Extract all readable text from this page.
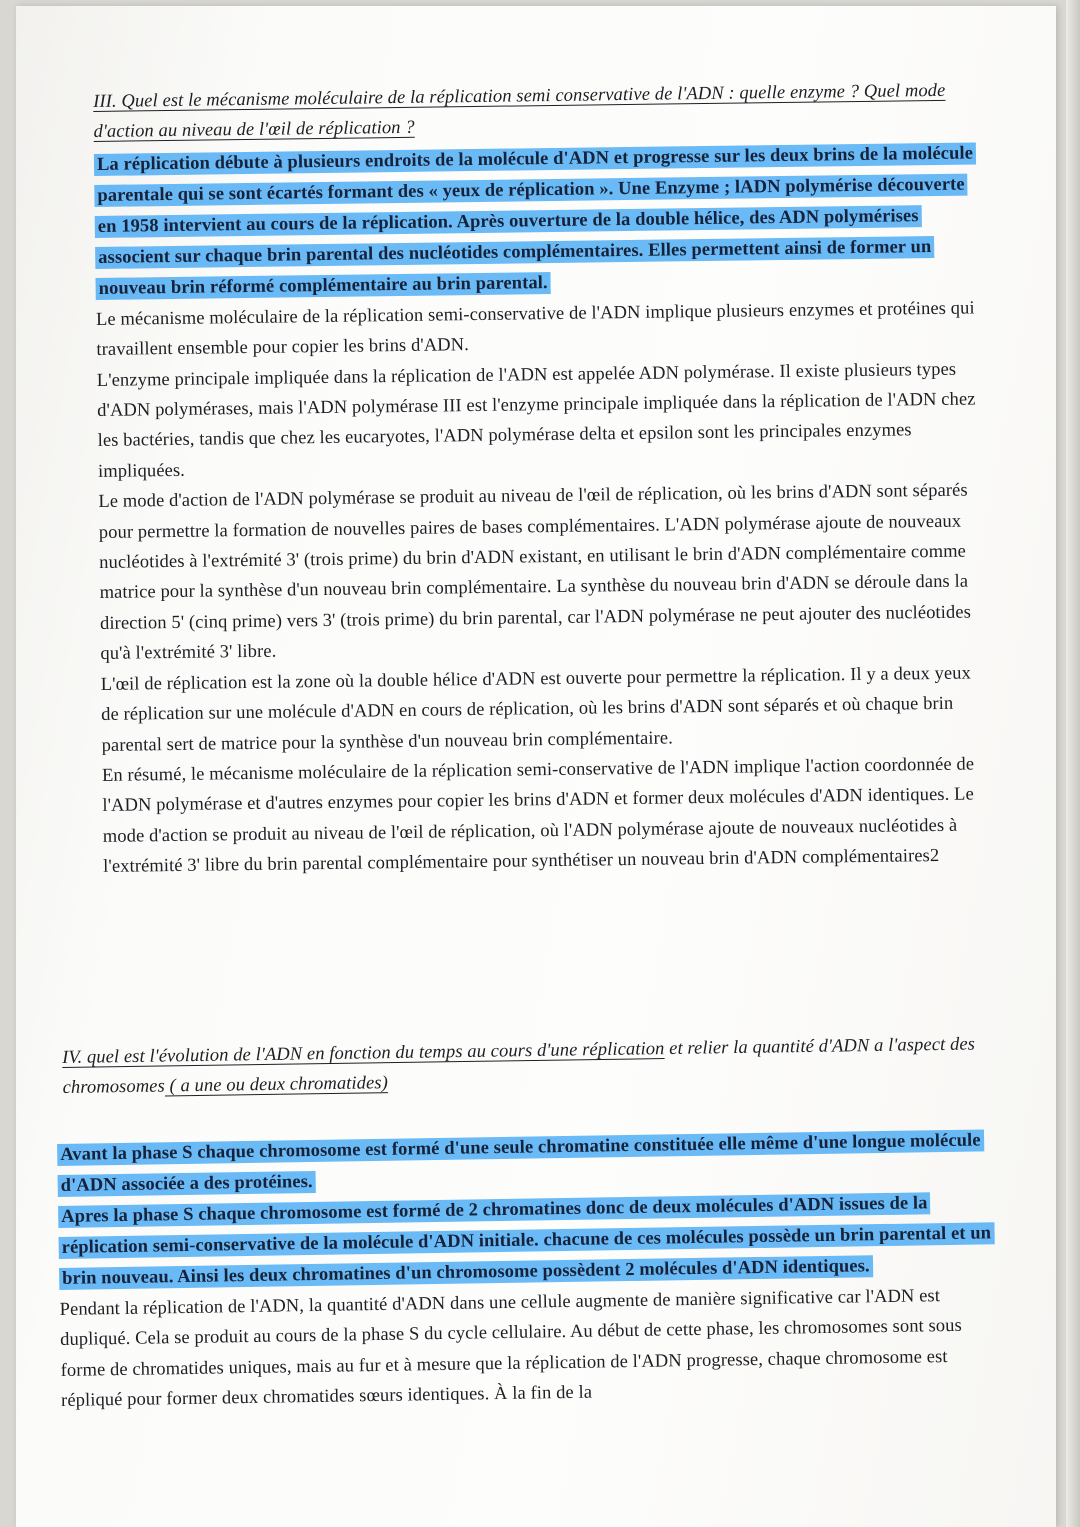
III. Quel est le mécanisme moléculaire de la réplication semi conservative de l'ADN : quelle enzyme ? Quel mode d'action au niveau de l'œil de réplication ?

La réplication débute à plusieurs endroits de la molécule d'ADN et progresse sur les deux brins de la molécule parentale qui se sont écartés formant des « yeux de réplication ». Une Enzyme ; lADN polymérise découverte en 1958 intervient au cours de la réplication. Après ouverture de la double hélice, des ADN polymérises associent sur chaque brin parental des nucléotides complémentaires. Elles permettent ainsi de former un nouveau brin réformé complémentaire au brin parental.

Le mécanisme moléculaire de la réplication semi-conservative de l'ADN implique plusieurs enzymes et protéines qui travaillent ensemble pour copier les brins d'ADN.

L'enzyme principale impliquée dans la réplication de l'ADN est appelée ADN polymérase. Il existe plusieurs types d'ADN polymérases, mais l'ADN polymérase III est l'enzyme principale impliquée dans la réplication de l'ADN chez les bactéries, tandis que chez les eucaryotes, l'ADN polymérase delta et epsilon sont les principales enzymes impliquées.

Le mode d'action de l'ADN polymérase se produit au niveau de l'œil de réplication, où les brins d'ADN sont séparés pour permettre la formation de nouvelles paires de bases complémentaires. L'ADN polymérase ajoute de nouveaux nucléotides à l'extrémité 3' (trois prime) du brin d'ADN existant, en utilisant le brin d'ADN complémentaire comme matrice pour la synthèse d'un nouveau brin complémentaire. La synthèse du nouveau brin d'ADN se déroule dans la direction 5' (cinq prime) vers 3' (trois prime) du brin parental, car l'ADN polymérase ne peut ajouter des nucléotides qu'à l'extrémité 3' libre.

L'œil de réplication est la zone où la double hélice d'ADN est ouverte pour permettre la réplication. Il y a deux yeux de réplication sur une molécule d'ADN en cours de réplication, où les brins d'ADN sont séparés et où chaque brin parental sert de matrice pour la synthèse d'un nouveau brin complémentaire.

En résumé, le mécanisme moléculaire de la réplication semi-conservative de l'ADN implique l'action coordonnée de l'ADN polymérase et d'autres enzymes pour copier les brins d'ADN et former deux molécules d'ADN identiques. Le mode d'action se produit au niveau de l'œil de réplication, où l'ADN polymérase ajoute de nouveaux nucléotides à l'extrémité 3' libre du brin parental complémentaire pour synthétiser un nouveau brin d'ADN complémentaires2

IV. quel est l'évolution de l'ADN en fonction du temps au cours d'une réplication et relier la quantité d'ADN a l'aspect des chromosomes ( a une ou deux chromatides)

Avant la phase S chaque chromosome est formé d'une seule chromatine constituée elle même d'une longue molécule d'ADN associée a des protéines.

Apres la phase S chaque chromosome est formé de 2 chromatines donc de deux molécules d'ADN issues de la réplication semi-conservative de la molécule d'ADN initiale. chacune de ces molécules possède un brin parental et un brin nouveau. Ainsi les deux chromatines d'un chromosome possèdent 2 molécules d'ADN identiques.

Pendant la réplication de l'ADN, la quantité d'ADN dans une cellule augmente de manière significative car l'ADN est dupliqué. Cela se produit au cours de la phase S du cycle cellulaire. Au début de cette phase, les chromosomes sont sous forme de chromatides uniques, mais au fur et à mesure que la réplication de l'ADN progresse, chaque chromosome est répliqué pour former deux chromatides sœurs identiques. À la fin de la
